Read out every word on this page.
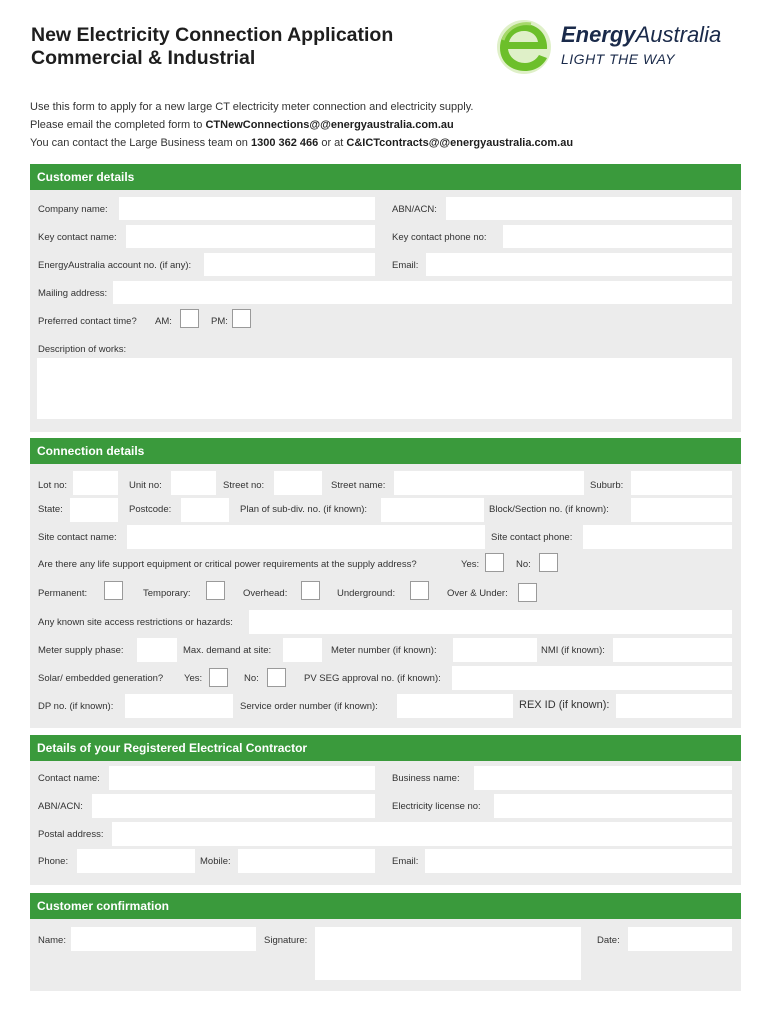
New Electricity Connection Application
Commercial & Industrial
EnergyAustralia
LIGHT THE WAY
Use this form to apply for a new large CT electricity meter connection and electricity supply.
Please email the completed form to CTNewConnections@@energyaustralia.com.au
You can contact the Large Business team on 1300 362 466 or at C&ICTcontracts@@energyaustralia.com.au
Customer details
Company name:	ABN/ACN:
Key contact name:	Key contact phone no:
EnergyAustralia account no. (if any):	Email:
Mailing address:
Preferred contact time? AM:	PM:
Description of works:
Connection details
Lot no:	Unit no:	Street no:	Street name:	Suburb:
State:	Postcode:	Plan of sub-div. no. (if known):	Block/Section no. (if known):
Site contact name:	Site contact phone:
Are there any life support equipment or critical power requirements at the supply address?	Yes:	No:
Permanent:	Temporary:	Overhead:	Underground:	Over & Under:
Any known site access restrictions or hazards:
Meter supply phase:	Max. demand at site:	Meter number (if known):	NMI (if known):
Solar/ embedded generation? Yes:	No:	PV SEG approval no. (if known):
DP no. (if known):	Service order number (if known):	REX ID (if known):
Details of your Registered Electrical Contractor
Contact name:	Business name:
ABN/ACN:	Electricity license no:
Postal address:
Phone:	Mobile:	Email:
Customer confirmation
Name:	Signature:	Date:
